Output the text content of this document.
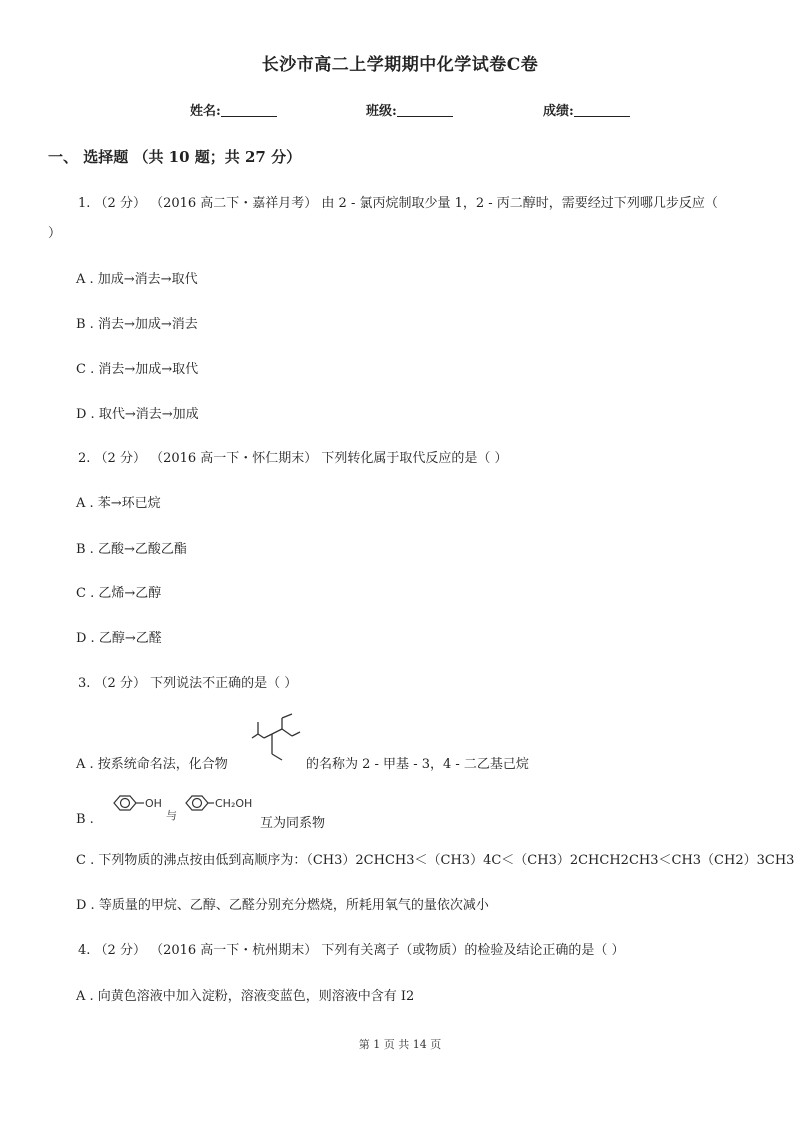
长沙市高二上学期期中化学试卷C卷
姓名:	班级:	成绩:
一、 选择题 （共 10 题；共 27 分）
1. （2 分） （2016 高二下・嘉祥月考） 由 2 - 氯丙烷制取少量 1，2 - 丙二醇时，需要经过下列哪几步反应（
）
A . 加成→消去→取代
B . 消去→加成→消去
C . 消去→加成→取代
D . 取代→消去→加成
2. （2 分） （2016 高一下・怀仁期末） 下列转化属于取代反应的是（ ）
A . 苯→环已烷
B . 乙酸→乙酸乙酯
C . 乙烯→乙醇
D . 乙醇→乙醛
3. （2 分） 下列说法不正确的是（ ）
A . 按系统命名法，化合物	的名称为 2 - 甲基 - 3，4 - 二乙基己烷
B .
OH
与
CH₂OH
互为同系物
C . 下列物质的沸点按由低到高顺序为：（CH3）2CHCH3＜（CH3）4C＜（CH3）2CHCH2CH3＜CH3（CH2）3CH3
D . 等质量的甲烷、乙醇、乙醛分别充分燃烧，所耗用氧气的量依次减小
4. （2 分） （2016 高一下・杭州期末） 下列有关离子（或物质）的检验及结论正确的是（ ）
A . 向黄色溶液中加入淀粉，溶液变蓝色，则溶液中含有 I2
第 1 页 共 14 页
